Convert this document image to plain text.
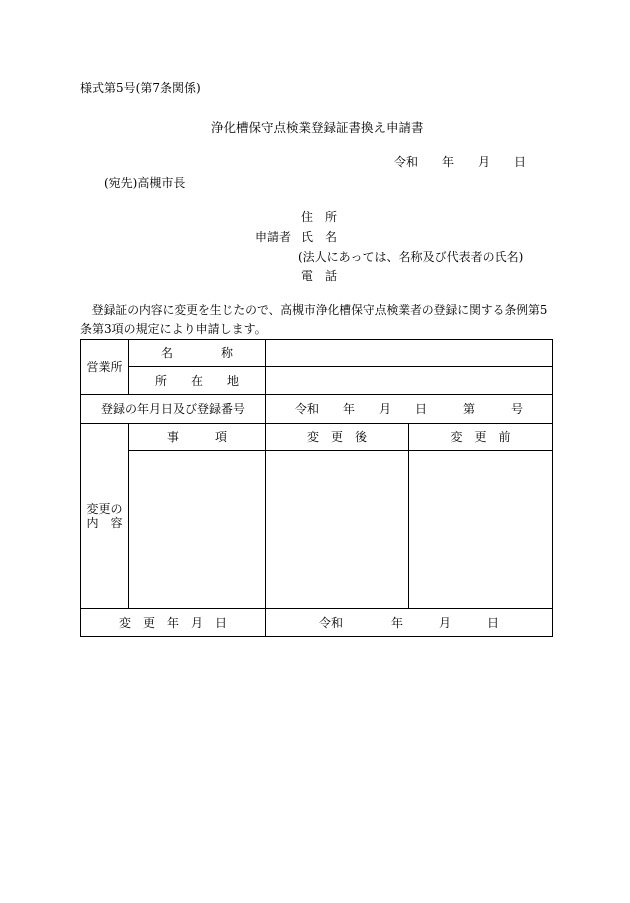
様式第5号(第7条関係)
浄化槽保守点検業登録証書換え申請書
令和　　年　　月　　日
(宛先)高槻市長
住　所
申請者 氏　名
(法人にあっては、名称及び代表者の氏名)
電　話
　登録証の内容に変更を生じたので、高槻市浄化槽保守点検業者の登録に関する条例第5
条第3項の規定により申請します。
営業所	名　　　　称		
	所　　在　　地		
登録の年月日及び登録番号		令和　　年　　月　　日　　　第　　　号	

変更の
内　容	事　　　項	変　更　後	変　更　前

変　更　年　月　日		令和　　　　年　　　月　　　日	
